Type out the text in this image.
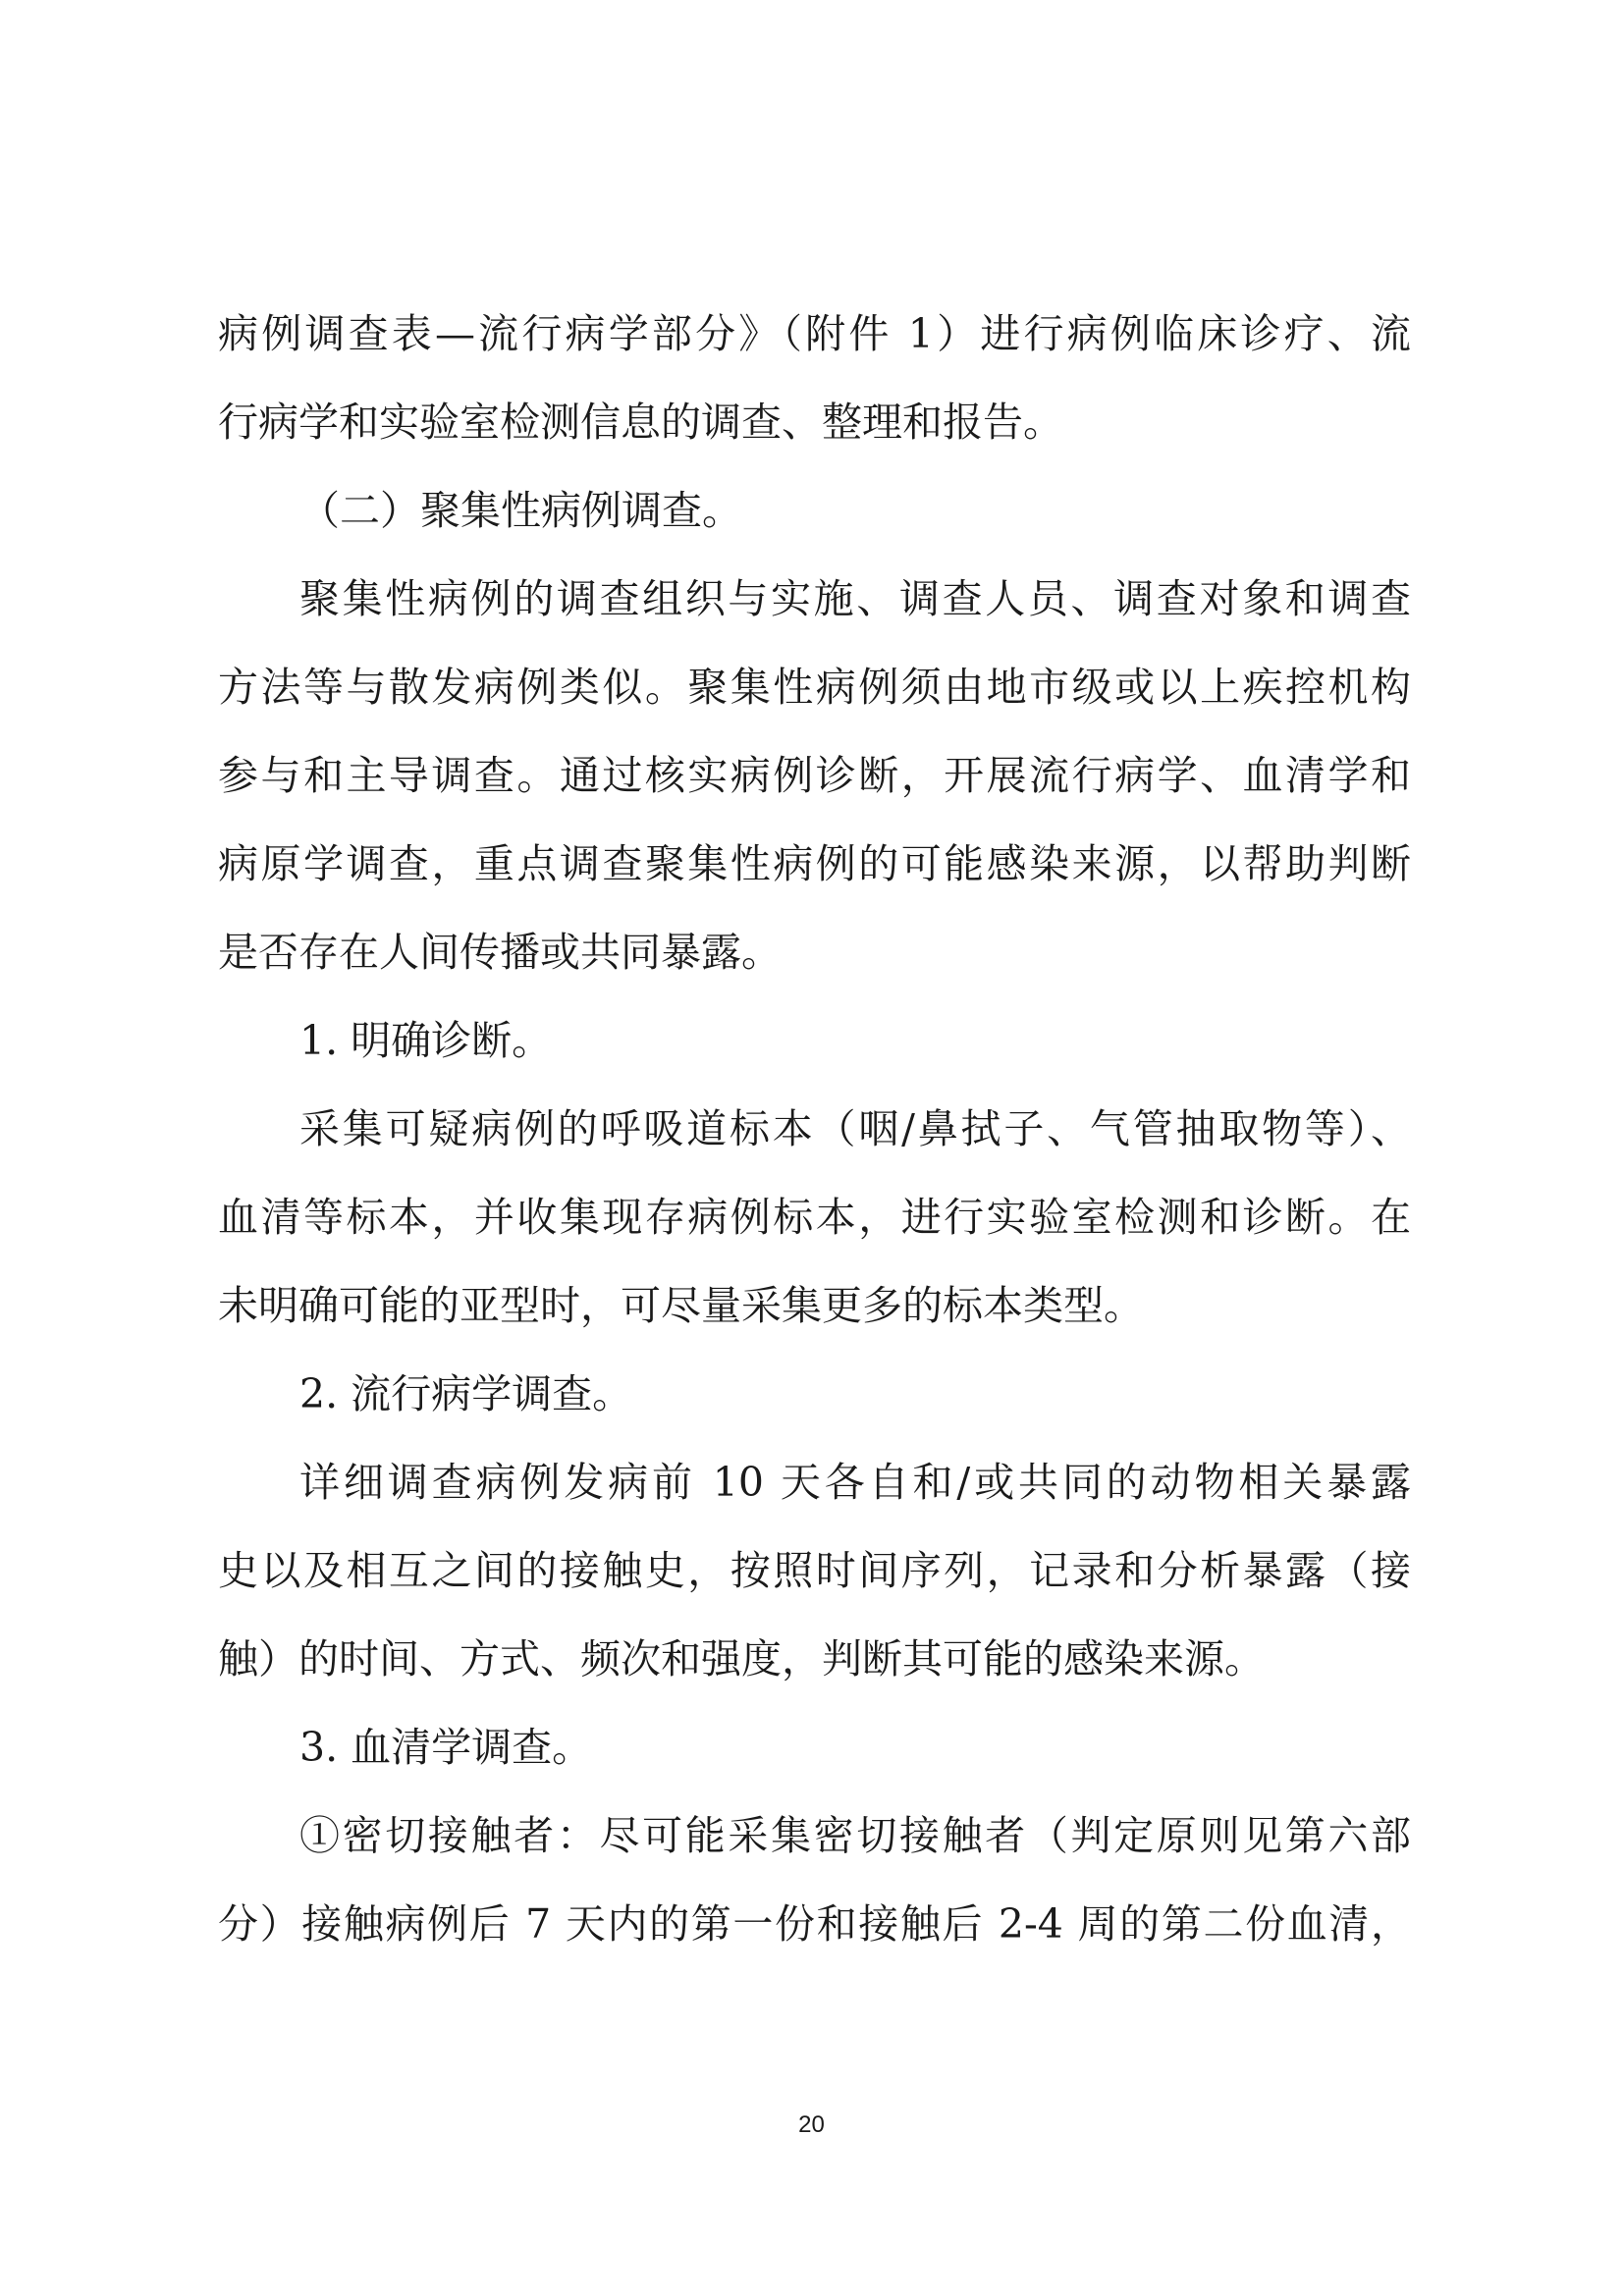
病例调查表—流行病学部分》（附件 1）进行病例临床诊疗、流
行病学和实验室检测信息的调查、整理和报告。
（二）聚集性病例调查。
聚集性病例的调查组织与实施、调查人员、调查对象和调查
方法等与散发病例类似。聚集性病例须由地市级或以上疾控机构
参与和主导调查。通过核实病例诊断，开展流行病学、血清学和
病原学调查，重点调查聚集性病例的可能感染来源，以帮助判断
是否存在人间传播或共同暴露。
1. 明确诊断。
采集可疑病例的呼吸道标本（咽/鼻拭子、气管抽取物等）、
血清等标本，并收集现存病例标本，进行实验室检测和诊断。在
未明确可能的亚型时，可尽量采集更多的标本类型。
2. 流行病学调查。
详细调查病例发病前 10 天各自和/或共同的动物相关暴露
史以及相互之间的接触史，按照时间序列，记录和分析暴露（接
触）的时间、方式、频次和强度，判断其可能的感染来源。
3. 血清学调查。
①密切接触者：尽可能采集密切接触者（判定原则见第六部
分）接触病例后 7 天内的第一份和接触后 2-4 周的第二份血清，
20
